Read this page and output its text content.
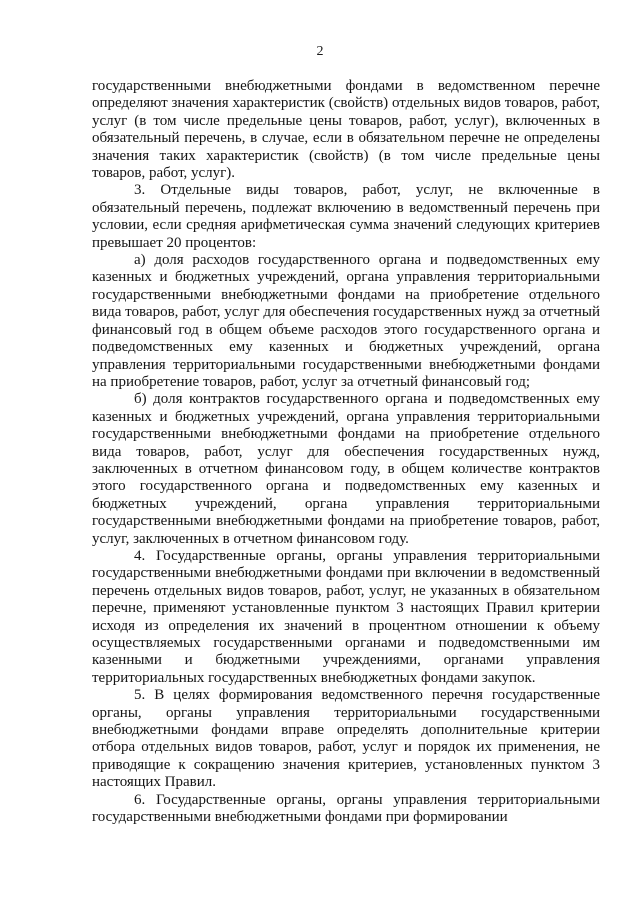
2

государственными внебюджетными фондами в ведомственном перечне определяют значения характеристик (свойств) отдельных видов товаров, работ, услуг (в том числе предельные цены товаров, работ, услуг), включенных в обязательный перечень, в случае, если в обязательном перечне не определены значения таких характеристик (свойств) (в том числе предельные цены товаров, работ, услуг).

3. Отдельные виды товаров, работ, услуг, не включенные в обязательный перечень, подлежат включению в ведомственный перечень при условии, если средняя арифметическая сумма значений следующих критериев превышает 20 процентов:

а) доля расходов государственного органа и подведомственных ему казенных и бюджетных учреждений, органа управления территориальными государственными внебюджетными фондами на приобретение отдельного вида товаров, работ, услуг для обеспечения государственных нужд за отчетный финансовый год в общем объеме расходов этого государственного органа и подведомственных ему казенных и бюджетных учреждений, органа управления территориальными государственными внебюджетными фондами на приобретение товаров, работ, услуг за отчетный финансовый год;

б) доля контрактов государственного органа и подведомственных ему казенных и бюджетных учреждений, органа управления территориальными государственными внебюджетными фондами на приобретение отдельного вида товаров, работ, услуг для обеспечения государственных нужд, заключенных в отчетном финансовом году, в общем количестве контрактов этого государственного органа и подведомственных ему казенных и бюджетных учреждений, органа управления территориальными государственными внебюджетными фондами на приобретение товаров, работ, услуг, заключенных в отчетном финансовом году.

4. Государственные органы, органы управления территориальными государственными внебюджетными фондами при включении в ведомственный перечень отдельных видов товаров, работ, услуг, не указанных в обязательном перечне, применяют установленные пунктом 3 настоящих Правил критерии исходя из определения их значений в процентном отношении к объему осуществляемых государственными органами и подведомственными им казенными и бюджетными учреждениями, органами управления территориальных государственных внебюджетных фондами закупок.

5. В целях формирования ведомственного перечня государственные органы, органы управления территориальными государственными внебюджетными фондами вправе определять дополнительные критерии отбора отдельных видов товаров, работ, услуг и порядок их применения, не приводящие к сокращению значения критериев, установленных пунктом 3 настоящих Правил.

6. Государственные органы, органы управления территориальными государственными внебюджетными фондами при формировании
